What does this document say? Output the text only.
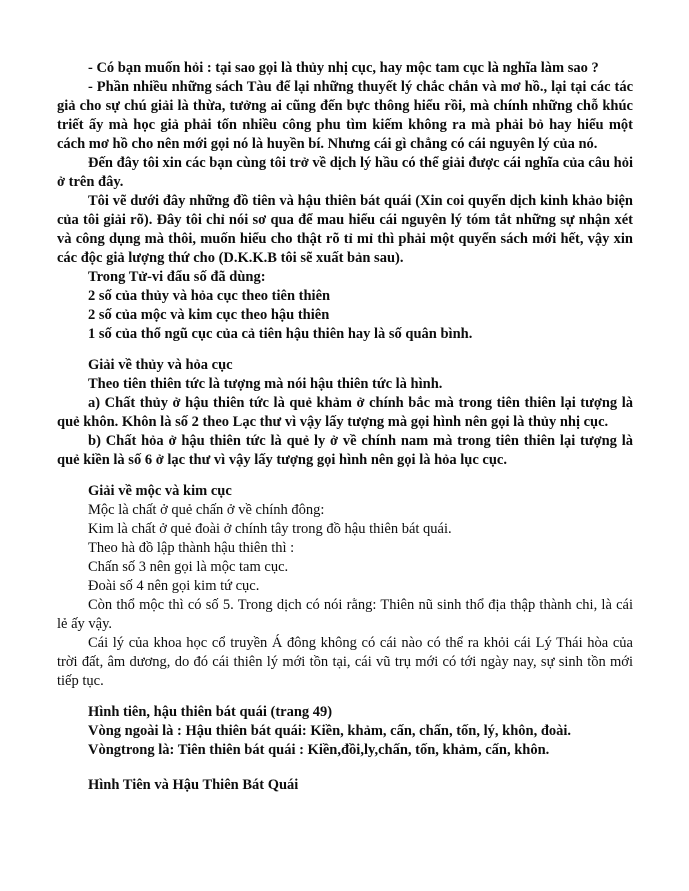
- Có bạn muốn hỏi : tại sao gọi là thủy nhị cục, hay mộc tam cục là nghĩa làm sao ?

- Phần nhiều những sách Tàu để lại những thuyết lý chắc chắn và mơ hồ., lại tại các tác giả cho sự chú giải là thừa, tưởng ai cũng đến bực thông hiểu rồi, mà chính những chỗ khúc triết ấy mà học giả phải tốn nhiều công phu tìm kiếm không ra mà phải bỏ hay hiểu một cách mơ hồ cho nên mới gọi nó là huyền bí. Nhưng cái gì chẳng có cái nguyên lý của nó.

Đến đây tôi xin các bạn cùng tôi trở về dịch lý hầu có thể giải được cái nghĩa của câu hỏi ở trên đây.

Tôi vẽ dưới đây những đồ tiên và hậu thiên bát quái (Xin coi quyển dịch kinh khảo biện của tôi giải rõ). Đây tôi chỉ nói sơ qua để mau hiểu cái nguyên lý tóm tắt những sự nhận xét và công dụng mà thôi, muốn hiểu cho thật rõ tỉ mỉ thì phải một quyển sách mới hết, vậy xin các độc giả lượng thứ cho (D.K.K.B tôi sẽ xuất bản sau).

Trong Tử-vi đẩu số đã dùng:

2 số của thủy và hỏa cục theo tiên thiên

2 số của mộc và kim cục theo hậu thiên

1 số của thổ ngũ cục của cả tiên hậu thiên hay là số quân bình.

Giải về thủy và hỏa cục

Theo tiên thiên tức là tượng mà nói hậu thiên tức là hình.

a) Chất thủy ở hậu thiên tức là quẻ khảm ở chính bắc mà trong tiên thiên lại tượng là quẻ khôn. Khôn là số 2 theo Lạc thư vì vậy lấy tượng mà gọi hình nên gọi là thủy nhị cục.

b) Chất hỏa ở hậu thiên tức là quẻ ly ở về chính nam mà trong tiên thiên lại tượng là quẻ kiền là số 6 ở lạc thư vì vậy lấy tượng gọi hình nên gọi là hỏa lục cục.

Giải về mộc và kim cục

Mộc là chất ở quẻ chấn ở về chính đông:

Kim là chất ở quẻ đoài ở chính tây trong đồ hậu thiên bát quái.

Theo hà đồ lập thành hậu thiên thì :

Chấn số 3 nên gọi là mộc tam cục.

Đoài số 4 nên gọi kim tứ cục.

Còn thổ mộc thì có số 5. Trong dịch có nói rằng: Thiên nũ sinh thổ địa thập thành chi, là cái lẻ ấy vậy.

Cái lý của khoa học cổ truyền Á đông không có cái nào có thể ra khỏi cái Lý Thái hòa của trời đất, âm dương, do đó cái thiên lý mới tồn tại, cái vũ trụ mới có tới ngày nay, sự sinh tồn mới tiếp tục.

Hình tiên, hậu thiên bát quái (trang 49)

Vòng ngoài là : Hậu thiên bát quái: Kiền, khảm, cấn, chấn, tốn, lý, khôn, đoài.

Vòngtrong là: Tiên thiên bát quái : Kiền,đồi,ly,chấn, tốn, khảm, cấn, khôn.

Hình Tiên và Hậu Thiên Bát Quái
